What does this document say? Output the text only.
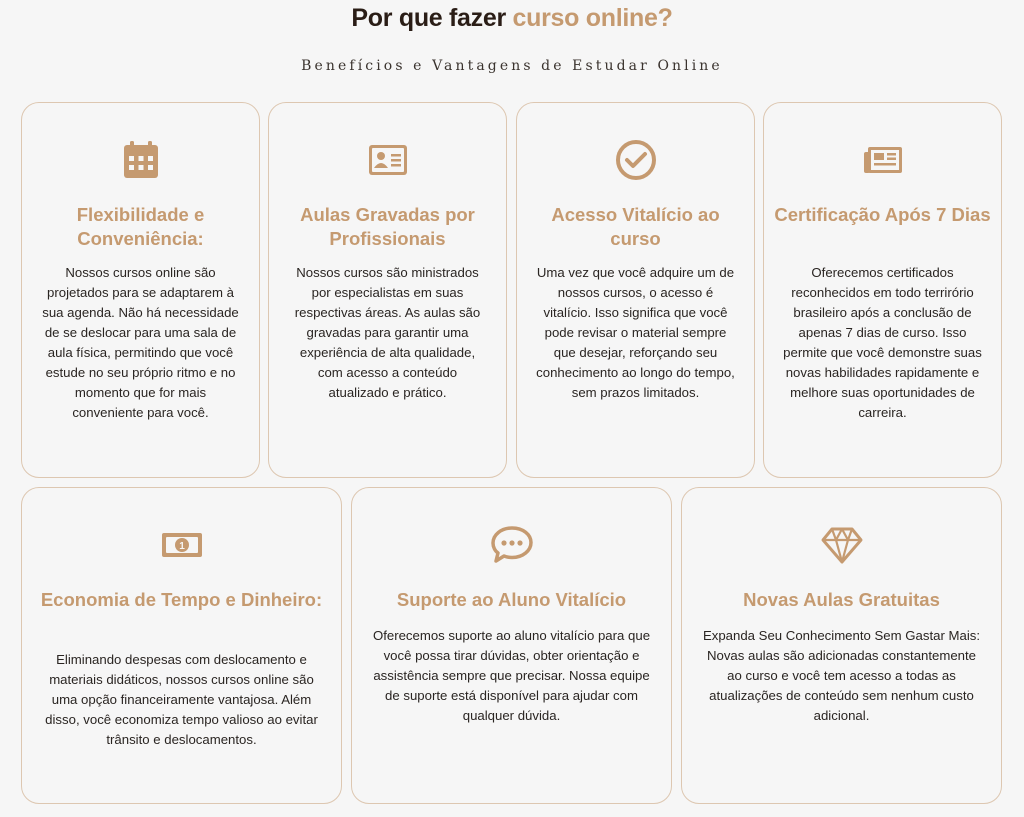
Por que fazer curso online?
Benefícios e Vantagens de Estudar Online
Flexibilidade e Conveniência:
Nossos cursos online são projetados para se adaptarem à sua agenda. Não há necessidade de se deslocar para uma sala de aula física, permitindo que você estude no seu próprio ritmo e no momento que for mais conveniente para você.
Aulas Gravadas por Profissionais
Nossos cursos são ministrados por especialistas em suas respectivas áreas. As aulas são gravadas para garantir uma experiência de alta qualidade, com acesso a conteúdo atualizado e prático.
Acesso Vitalício ao curso
Uma vez que você adquire um de nossos cursos, o acesso é vitalício. Isso significa que você pode revisar o material sempre que desejar, reforçando seu conhecimento ao longo do tempo, sem prazos limitados.
Certificação Após 7 Dias
Oferecemos certificados reconhecidos em todo terrirório brasileiro após a conclusão de apenas 7 dias de curso. Isso permite que você demonstre suas novas habilidades rapidamente e melhore suas oportunidades de carreira.
1
Economia de Tempo e Dinheiro:
Eliminando despesas com deslocamento e materiais didáticos, nossos cursos online são uma opção financeiramente vantajosa. Além disso, você economiza tempo valioso ao evitar trânsito e deslocamentos.
Suporte ao Aluno Vitalício
Oferecemos suporte ao aluno vitalício para que você possa tirar dúvidas, obter orientação e assistência sempre que precisar. Nossa equipe de suporte está disponível para ajudar com qualquer dúvida.
Novas Aulas Gratuitas
Expanda Seu Conhecimento Sem Gastar Mais: Novas aulas são adicionadas constantemente ao curso e você tem acesso a todas as atualizações de conteúdo sem nenhum custo adicional.
